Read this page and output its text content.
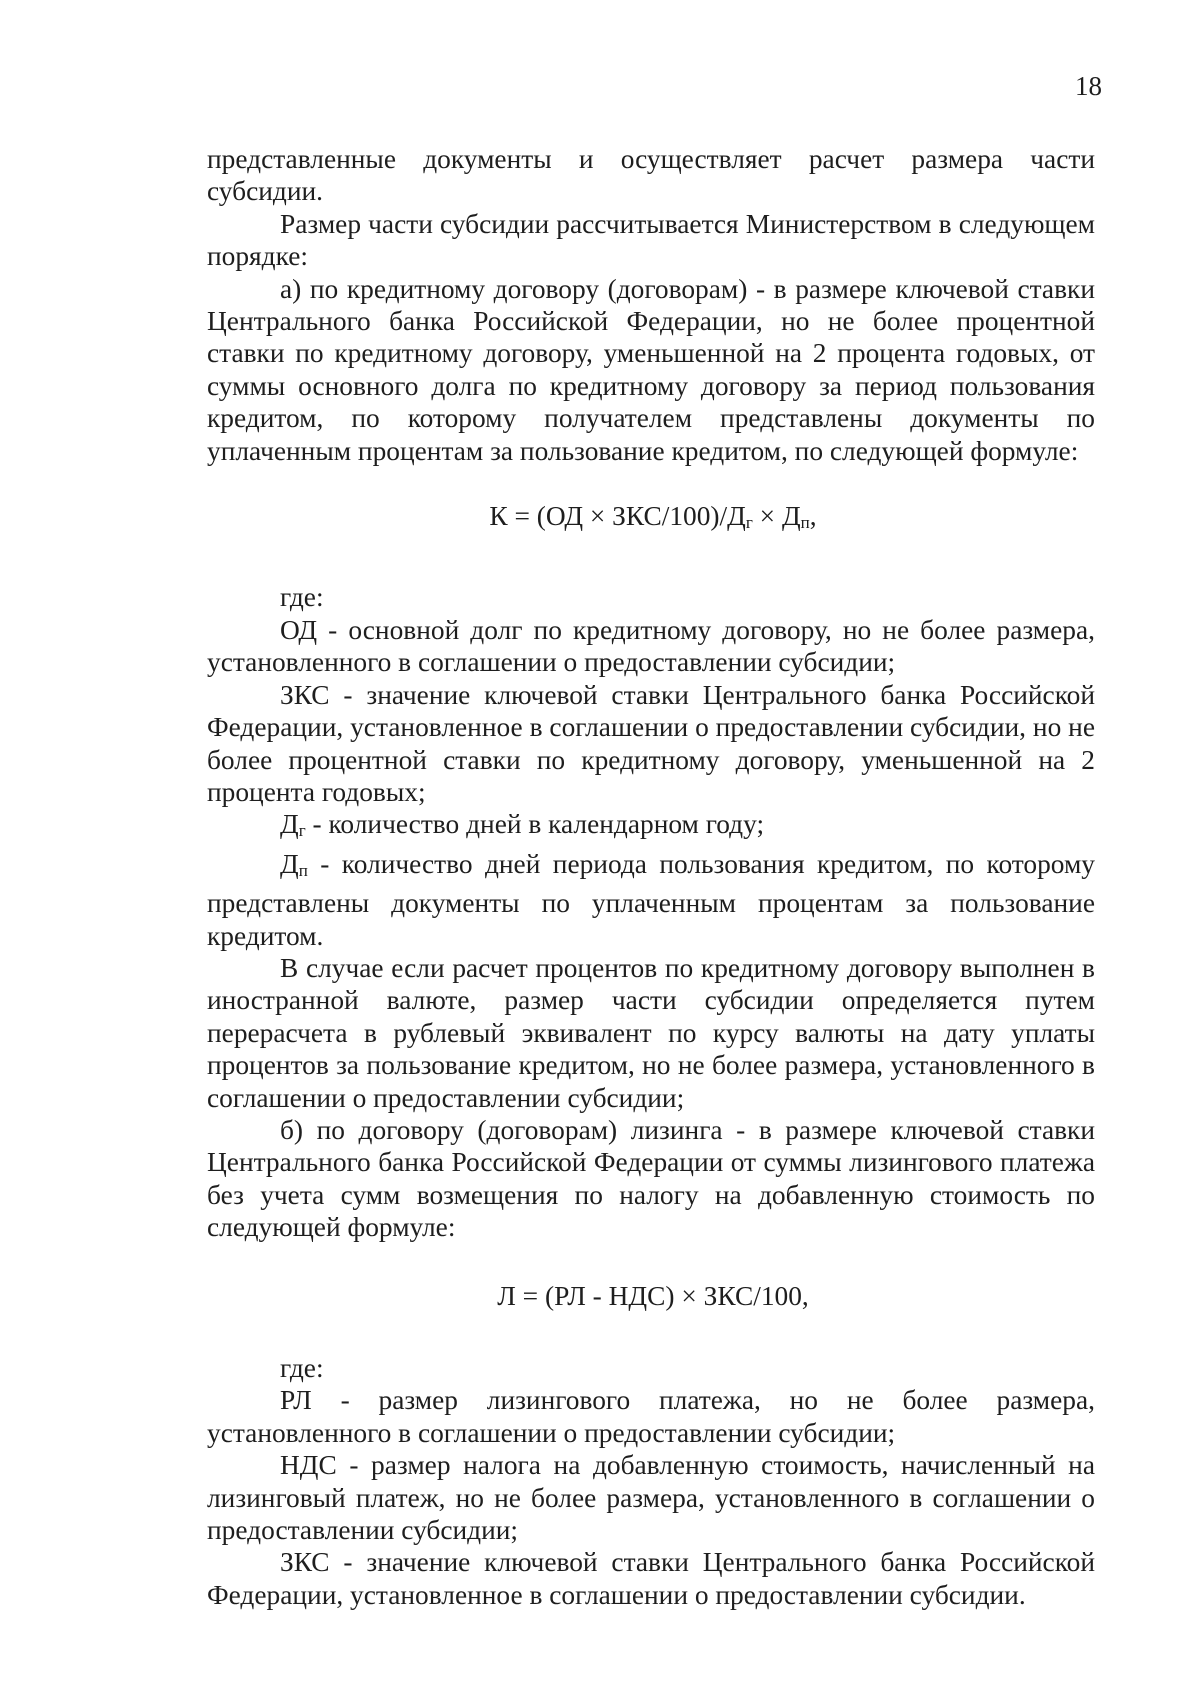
18

представленные документы и осуществляет расчет размера части субсидии.

Размер части субсидии рассчитывается Министерством в следующем порядке:

а) по кредитному договору (договорам) - в размере ключевой ставки Центрального банка Российской Федерации, но не более процентной ставки по кредитному договору, уменьшенной на 2 процента годовых, от суммы основного долга по кредитному договору за период пользования кредитом, по которому получателем представлены документы по уплаченным процентам за пользование кредитом, по следующей формуле:

К = (ОД × ЗКС/100)/Дг × Дп,

где:

ОД - основной долг по кредитному договору, но не более размера, установленного в соглашении о предоставлении субсидии;

ЗКС - значение ключевой ставки Центрального банка Российской Федерации, установленное в соглашении о предоставлении субсидии, но не более процентной ставки по кредитному договору, уменьшенной на 2 процента годовых;

Дг - количество дней в календарном году;

Дп - количество дней периода пользования кредитом, по которому представлены документы по уплаченным процентам за пользование кредитом.

В случае если расчет процентов по кредитному договору выполнен в иностранной валюте, размер части субсидии определяется путем перерасчета в рублевый эквивалент по курсу валюты на дату уплаты процентов за пользование кредитом, но не более размера, установленного в соглашении о предоставлении субсидии;

б) по договору (договорам) лизинга - в размере ключевой ставки Центрального банка Российской Федерации от суммы лизингового платежа без учета сумм возмещения по налогу на добавленную стоимость по следующей формуле:

Л = (РЛ - НДС) × ЗКС/100,

где:

РЛ - размер лизингового платежа, но не более размера, установленного в соглашении о предоставлении субсидии;

НДС - размер налога на добавленную стоимость, начисленный на лизинговый платеж, но не более размера, установленного в соглашении о предоставлении субсидии;

ЗКС - значение ключевой ставки Центрального банка Российской Федерации, установленное в соглашении о предоставлении субсидии.
